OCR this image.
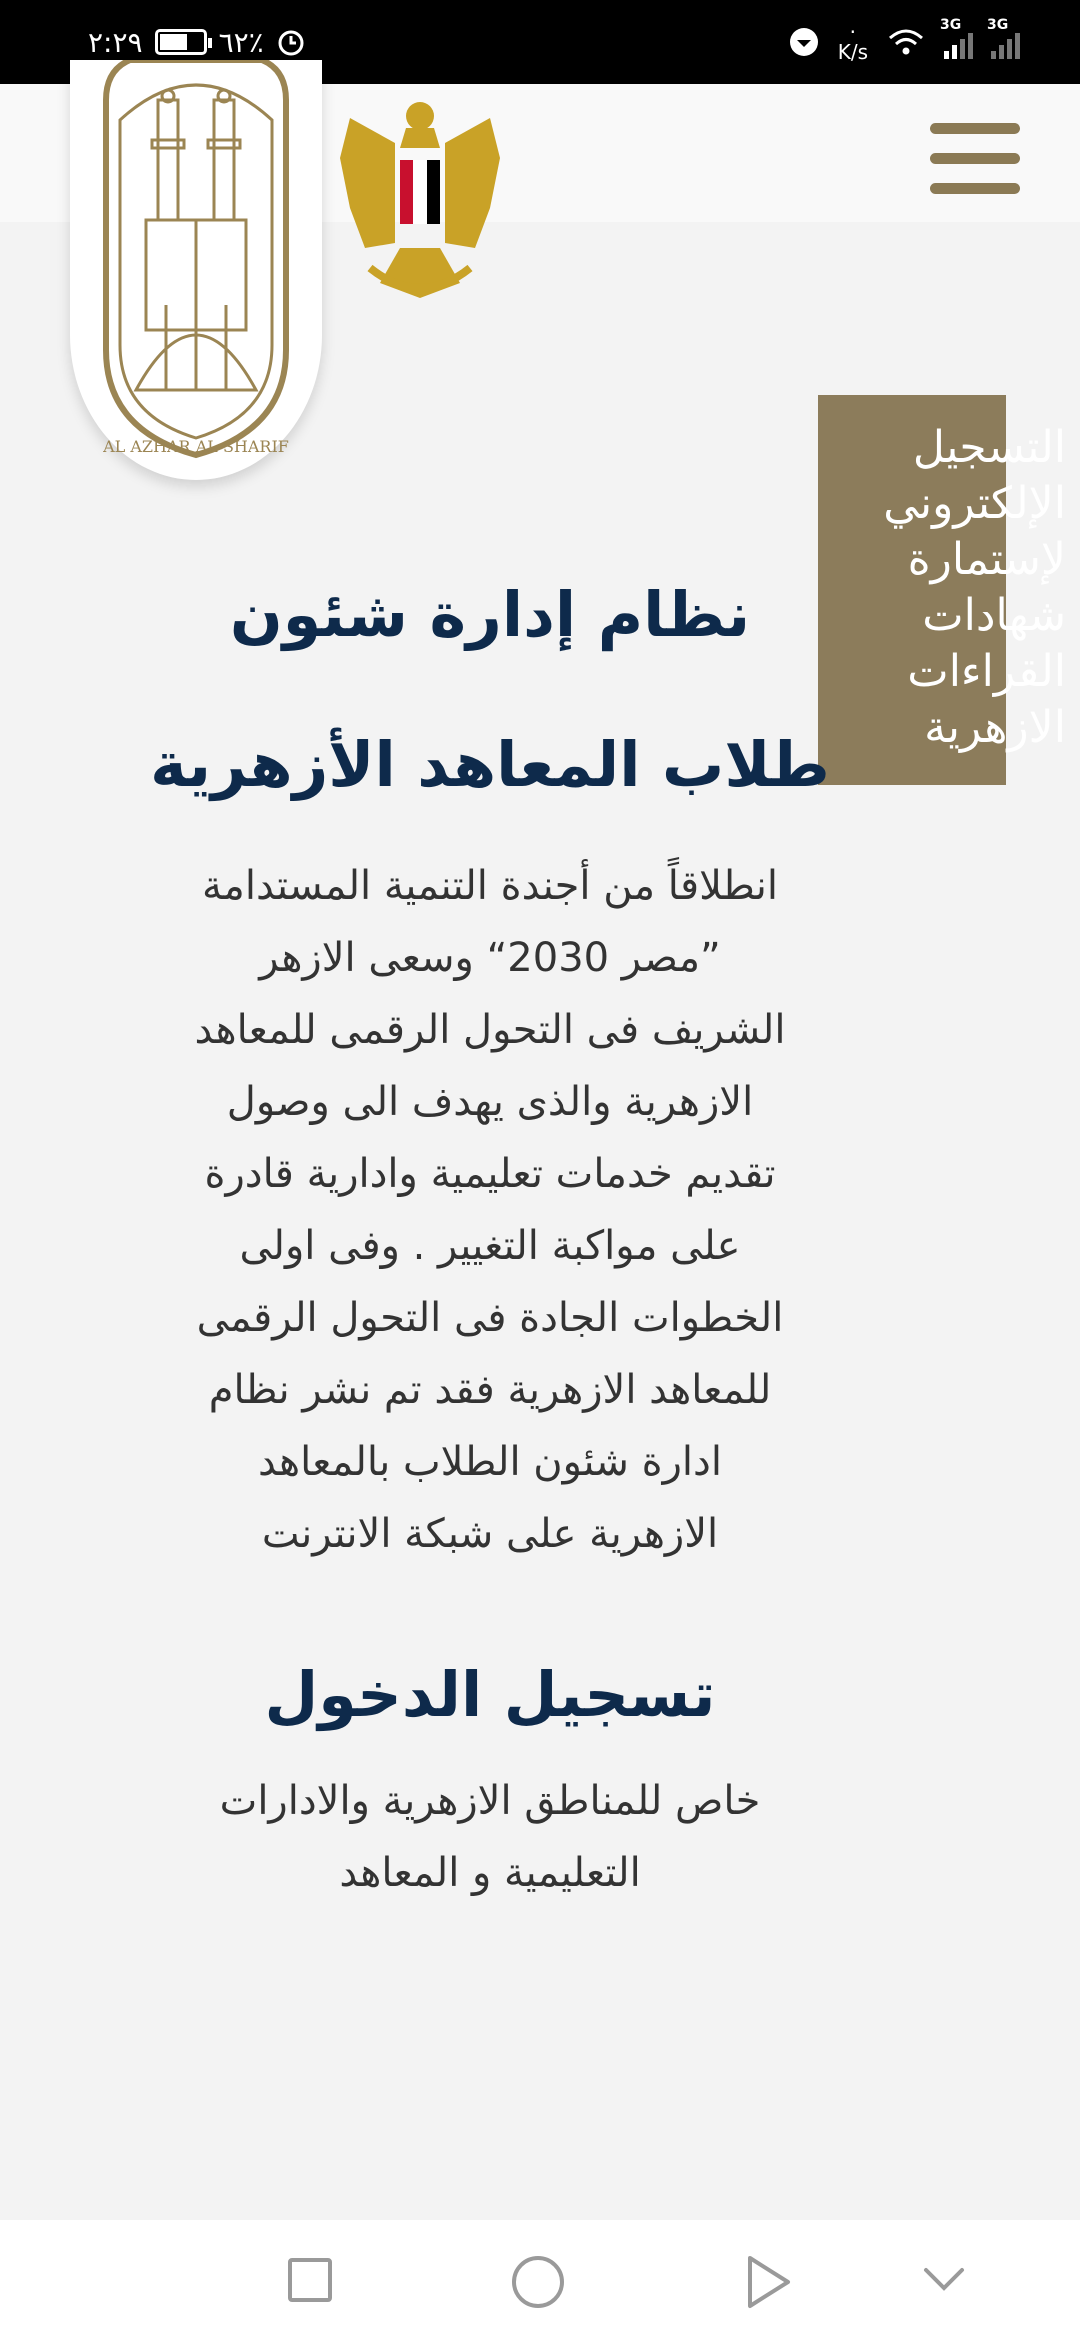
٢:٢٩	٦٢٪	·
K/s
3G 3G
AL AZHAR AL SHARIF	التسجيل
الإلكتروني
لإستمارة
شهادات
القراءات
الازهرية
نظام إدارة شئون طلاب المعاهد الأزهرية

انطلاقاً من أجندة التنمية المستدامة ”مصر 2030“ وسعى الازهر الشريف فى التحول الرقمى للمعاهد الازهرية والذى يهدف الى وصول تقديم خدمات تعليمية وادارية قادرة على مواكبة التغيير . وفى اولى الخطوات الجادة فى التحول الرقمى للمعاهد الازهرية فقد تم نشر نظام ادارة شئون الطلاب بالمعاهد الازهرية على شبكة الانترنت

تسجيل الدخول

خاص للمناطق الازهرية والادارات التعليمية و المعاهد
